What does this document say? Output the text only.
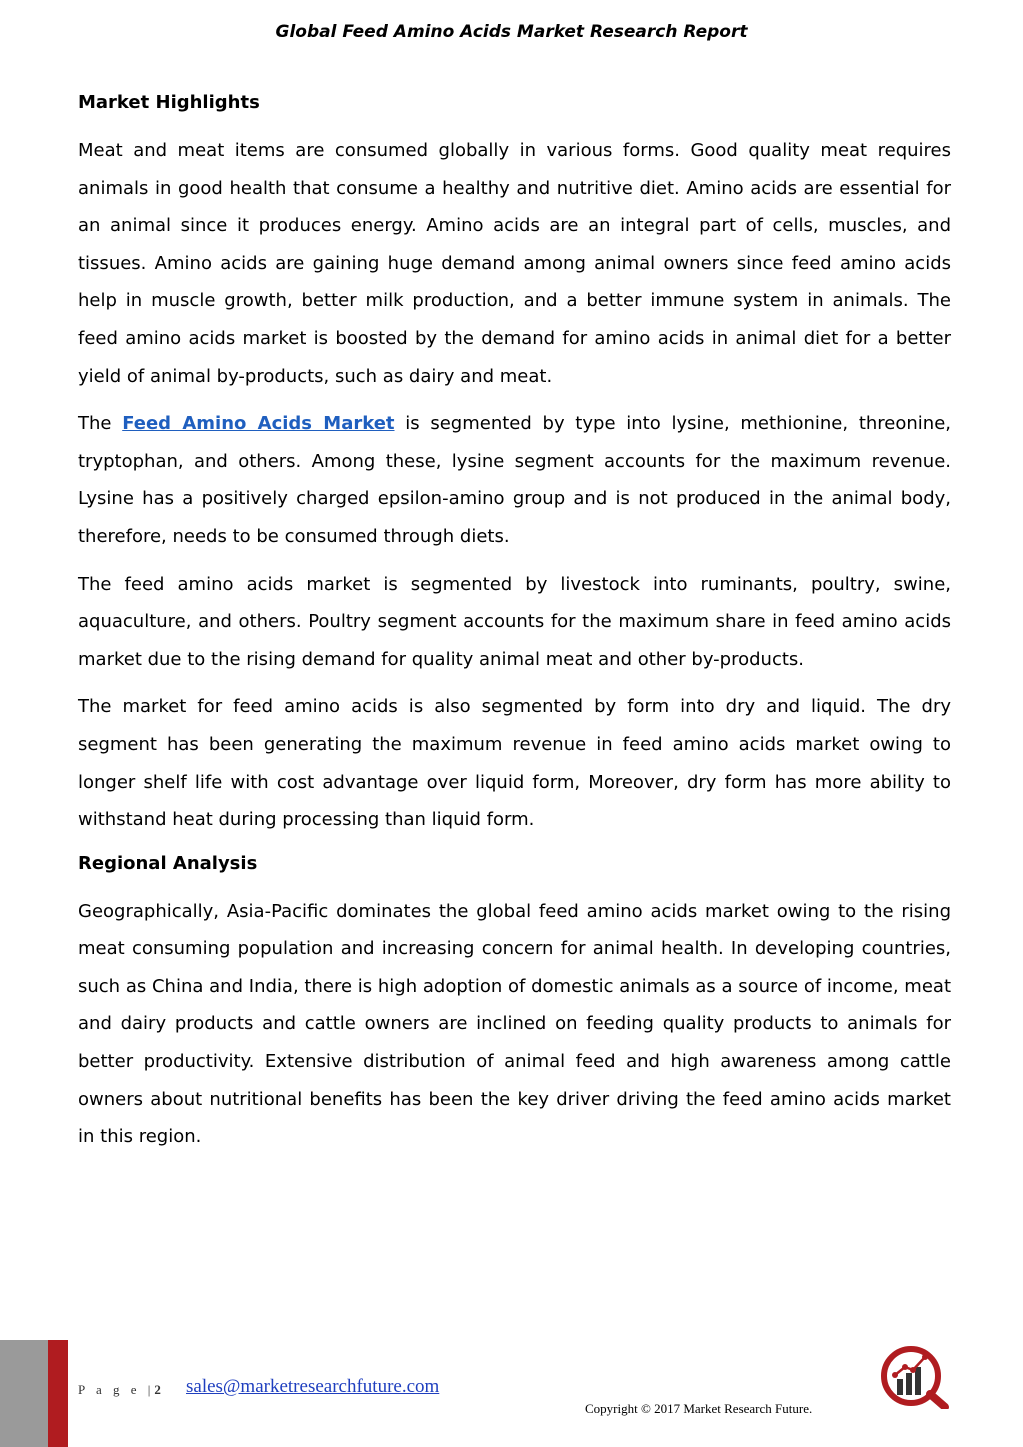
Global Feed Amino Acids Market Research Report
Market Highlights

Meat and meat items are consumed globally in various forms. Good quality meat requires animals in good health that consume a healthy and nutritive diet. Amino acids are essential for an animal since it produces energy. Amino acids are an integral part of cells, muscles, and tissues. Amino acids are gaining huge demand among animal owners since feed amino acids help in muscle growth, better milk production, and a better immune system in animals. The feed amino acids market is boosted by the demand for amino acids in animal diet for a better yield of animal by-products, such as dairy and meat.

The Feed Amino Acids Market is segmented by type into lysine, methionine, threonine, tryptophan, and others. Among these, lysine segment accounts for the maximum revenue. Lysine has a positively charged epsilon-amino group and is not produced in the animal body, therefore, needs to be consumed through diets.

The feed amino acids market is segmented by livestock into ruminants, poultry, swine, aquaculture, and others. Poultry segment accounts for the maximum share in feed amino acids market due to the rising demand for quality animal meat and other by-products.

The market for feed amino acids is also segmented by form into dry and liquid. The dry segment has been generating the maximum revenue in feed amino acids market owing to longer shelf life with cost advantage over liquid form, Moreover, dry form has more ability to withstand heat during processing than liquid form.

Regional Analysis

Geographically, Asia-Pacific dominates the global feed amino acids market owing to the rising meat consuming population and increasing concern for animal health. In developing countries, such as China and India, there is high adoption of domestic animals as a source of income, meat and dairy products and cattle owners are inclined on feeding quality products to animals for better productivity. Extensive distribution of animal feed and high awareness among cattle owners about nutritional benefits has been the key driver driving the feed amino acids market in this region.

P a g e |2 sales@marketresearchfuture.com
Copyright © 2017 Market Research Future.
